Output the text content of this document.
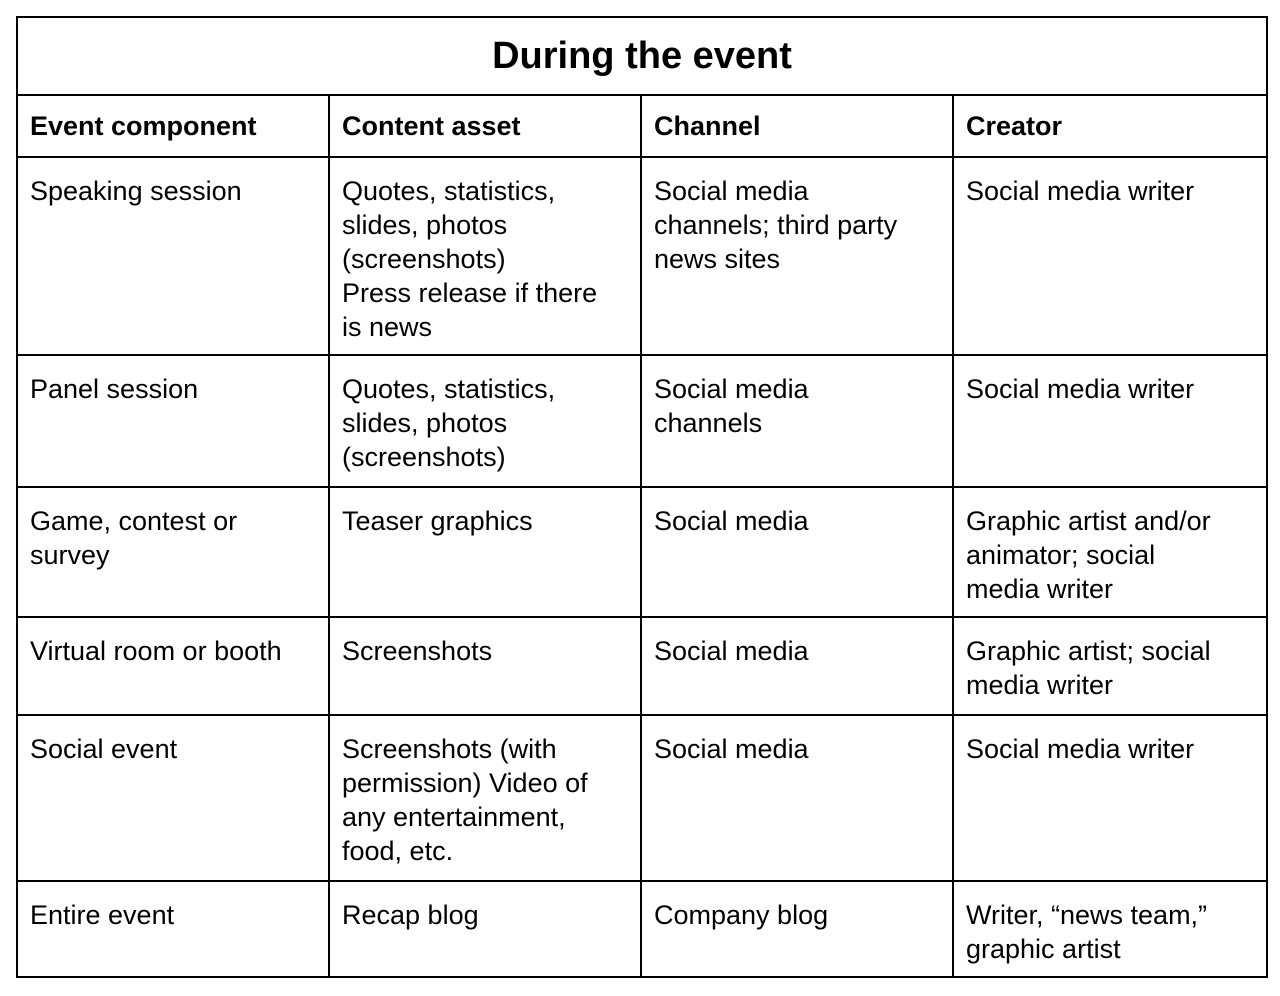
During the event			
Event component	Content asset	Channel	Creator

Speaking session	Quotes, statistics,
slides, photos
(screenshots)
Press release if there
is news	Social media
channels; third party
news sites	Social media writer

Panel session	Quotes, statistics,
slides, photos
(screenshots)	Social media
channels	Social media writer

Game, contest or
survey	Teaser graphics	Social media	Graphic artist and/or
animator; social
media writer

Virtual room or booth	Screenshots	Social media	Graphic artist; social
media writer

Social event	Screenshots (with
permission) Video of
any entertainment,
food, etc.	Social media	Social media writer

Entire event	Recap blog	Company blog	Writer, “news team,”
graphic artist
